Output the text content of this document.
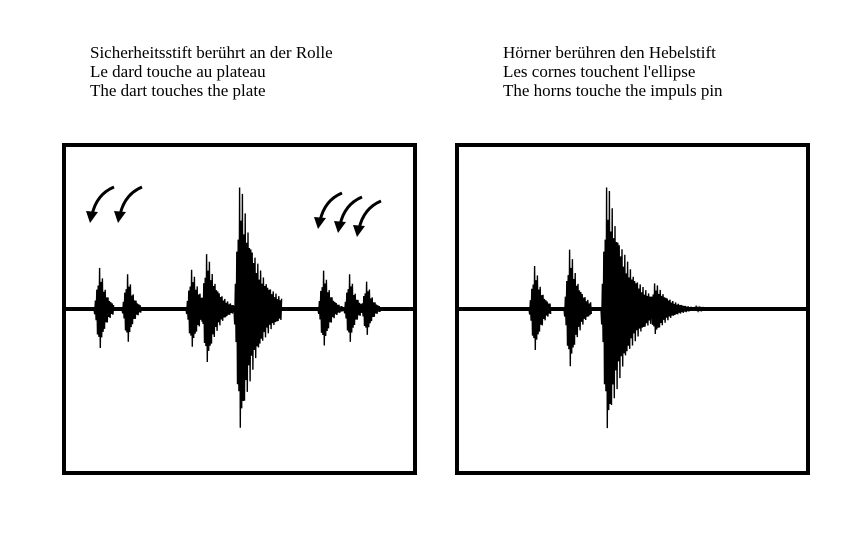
Sicherheitsstift berührt an der Rolle
Le dard touche au plateau
The dart touches the plate
Hörner berühren den Hebelstift
Les cornes touchent l'ellipse
The horns touche the impuls pin
